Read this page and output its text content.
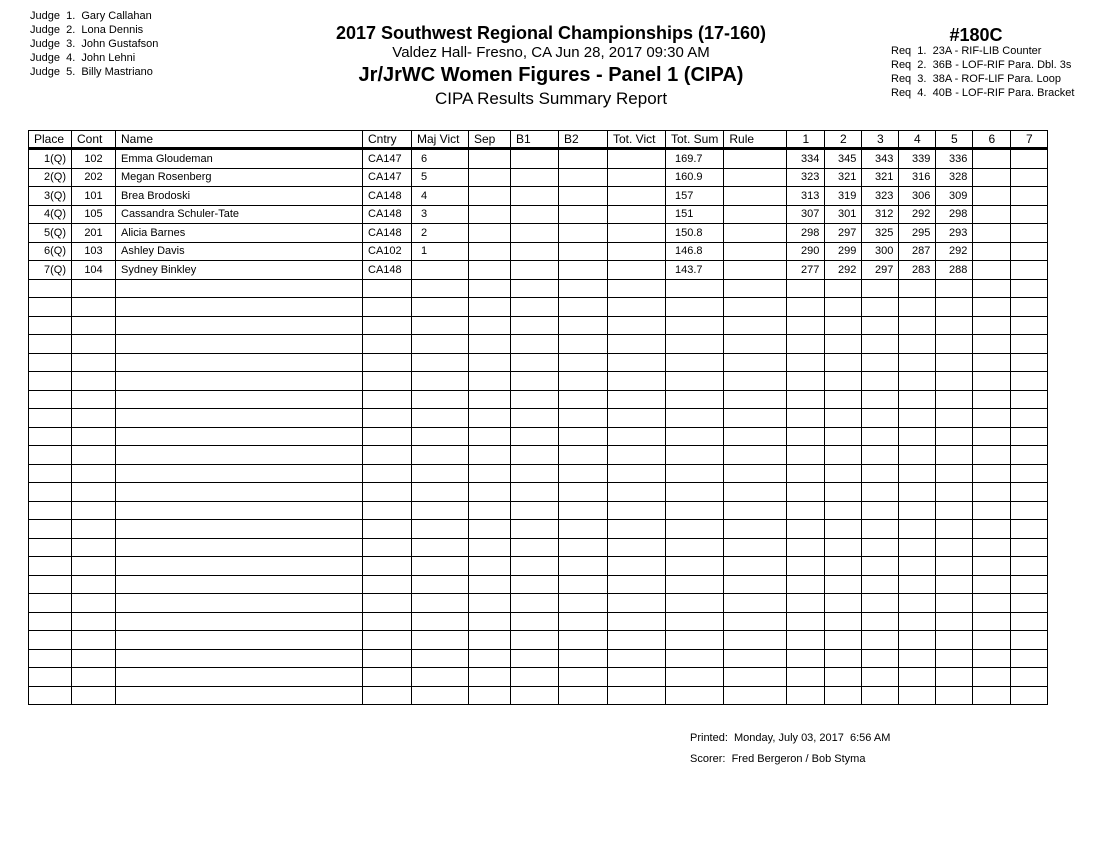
Judge  1.  Gary Callahan
Judge  2.  Lona Dennis
Judge  3.  John Gustafson
Judge  4.  John Lehni
Judge  5.  Billy Mastriano
2017 Southwest Regional Championships (17-160)
Valdez Hall- Fresno, CA Jun 28, 2017 09:30 AM
Jr/JrWC Women Figures - Panel 1 (CIPA)
CIPA Results Summary Report
#180C
Req  1.  23A - RIF-LIB Counter
Req  2.  36B - LOF-RIF Para. Dbl. 3s
Req  3.  38A - ROF-LIF Para. Loop
Req  4.  40B - LOF-RIF Para. Bracket
Place	Cont	Name	Cntry	Maj Vict	Sep	B1	B2	Tot. Vict	Tot. Sum	Rule	1	2	3	4	5	6	7
1(Q)	102	Emma Gloudeman	CA147	6					169.7		334	345	343	339	336		
2(Q)	202	Megan Rosenberg	CA147	5					160.9		323	321	321	316	328		
3(Q)	101	Brea Brodoski	CA148	4					157		313	319	323	306	309		
4(Q)	105	Cassandra Schuler-Tate	CA148	3					151		307	301	312	292	298		
5(Q)	201	Alicia Barnes	CA148	2					150.8		298	297	325	295	293		
6(Q)	103	Ashley Davis	CA102	1					146.8		290	299	300	287	292		
7(Q)	104	Sydney Binkley	CA148						143.7		277	292	297	283	288		

Printed:  Monday, July 03, 2017  6:56 AM
Scorer:  Fred Bergeron / Bob Styma
